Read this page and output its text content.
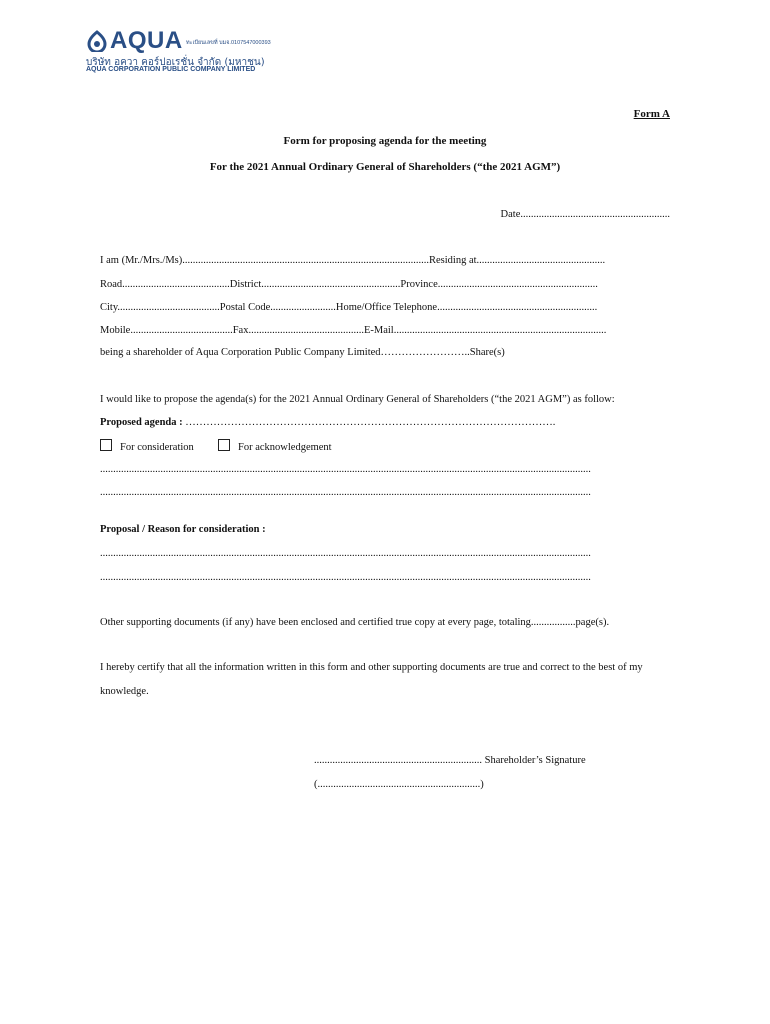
AQUA ทะเบียนเลขที่ บมจ.0107547000393
บริษัท อควา คอร์ปอเรชั่น จำกัด (มหาชน)
AQUA CORPORATION PUBLIC COMPANY LIMITED
Form A
Form for proposing agenda for the meeting
For the 2021 Annual Ordinary General of Shareholders (“the 2021 AGM”)
Date.........................................................
I am (Mr./Mrs./Ms)..............................................................................................Residing at.................................................
Road.........................................District.....................................................Province.............................................................
City.......................................Postal Code.........................Home/Office Telephone.............................................................
Mobile.......................................Fax............................................E-Mail.................................................................................
being a shareholder of Aqua Corporation Public Company Limited……………………..Share(s)
I would like to propose the agenda(s) for the 2021 Annual Ordinary General of Shareholders (“the 2021 AGM”) as follow:
Proposed agenda : …………………………………………………………………………………………….
For consideration	For acknowledgement
...........................................................................................................................................................................................
...........................................................................................................................................................................................
Proposal / Reason for consideration :
...........................................................................................................................................................................................
...........................................................................................................................................................................................
Other supporting documents (if any) have been enclosed and certified true copy at every page, totaling.................page(s).
I hereby certify that all the information written in this form and other supporting documents are true and correct to the best of my
knowledge.
................................................................ Shareholder’s Signature
(..............................................................)
